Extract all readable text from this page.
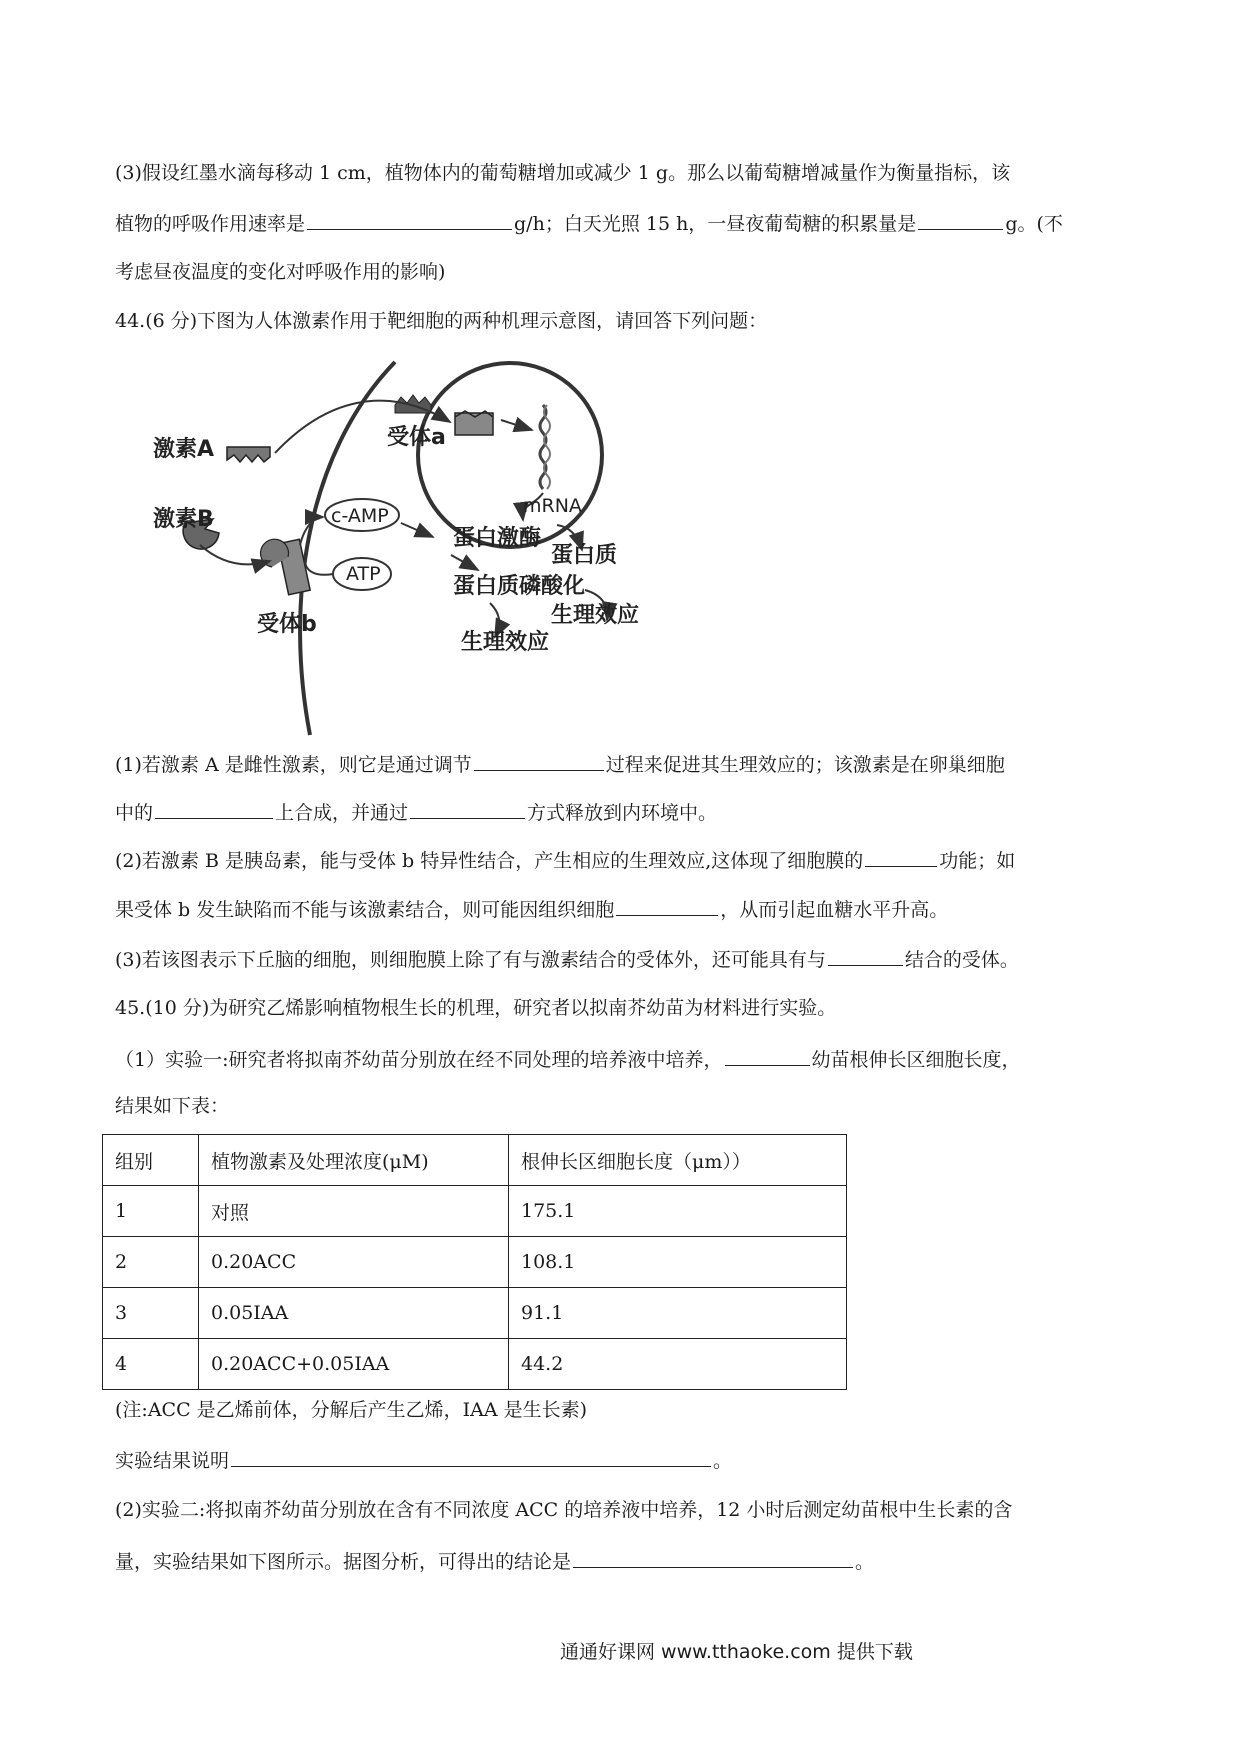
(3)假设红墨水滴每移动 1 cm，植物体内的葡萄糖增加或减少 1 g。那么以葡萄糖增减量作为衡量指标，该
植物的呼吸作用速率是	g/h；白天光照 15 h，一昼夜葡萄糖的积累量是	g。(不
考虑昼夜温度的变化对呼吸作用的影响)
44.(6 分)下图为人体激素作用于靶细胞的两种机理示意图，请回答下列问题：
激素A	受体a
激素B
受体b
c-AMP
ATP
蛋白激酶
蛋白质磷酸化
生理效应
mRNA
蛋白质
生理效应
(1)若激素 A 是雌性激素，则它是通过调节	过程来促进其生理效应的；该激素是在卵巢细胞
中的	上合成，并通过	方式释放到内环境中。
(2)若激素 B 是胰岛素，能与受体 b 特异性结合，产生相应的生理效应,这体现了细胞膜的	功能；如
果受体 b 发生缺陷而不能与该激素结合，则可能因组织细胞	，从而引起血糖水平升高。
(3)若该图表示下丘脑的细胞，则细胞膜上除了有与激素结合的受体外，还可能具有与	结合的受体。
45.(10 分)为研究乙烯影响植物根生长的机理，研究者以拟南芥幼苗为材料进行实验。
（1）实验一:研究者将拟南芥幼苗分别放在经不同处理的培养液中培养，	幼苗根伸长区细胞长度，
结果如下表：
组别	植物激素及处理浓度(μM)	根伸长区细胞长度（μm））
1	对照	175.1
2	0.20ACC	108.1
3	0.05IAA	91.1
4	0.20ACC+0.05IAA	44.2
(注:ACC 是乙烯前体，分解后产生乙烯，IAA 是生长素)
实验结果说明	。
(2)实验二:将拟南芥幼苗分别放在含有不同浓度 ACC 的培养液中培养，12 小时后测定幼苗根中生长素的含
量，实验结果如下图所示。据图分析，可得出的结论是	。
通通好课网 www.tthaoke.com 提供下载
